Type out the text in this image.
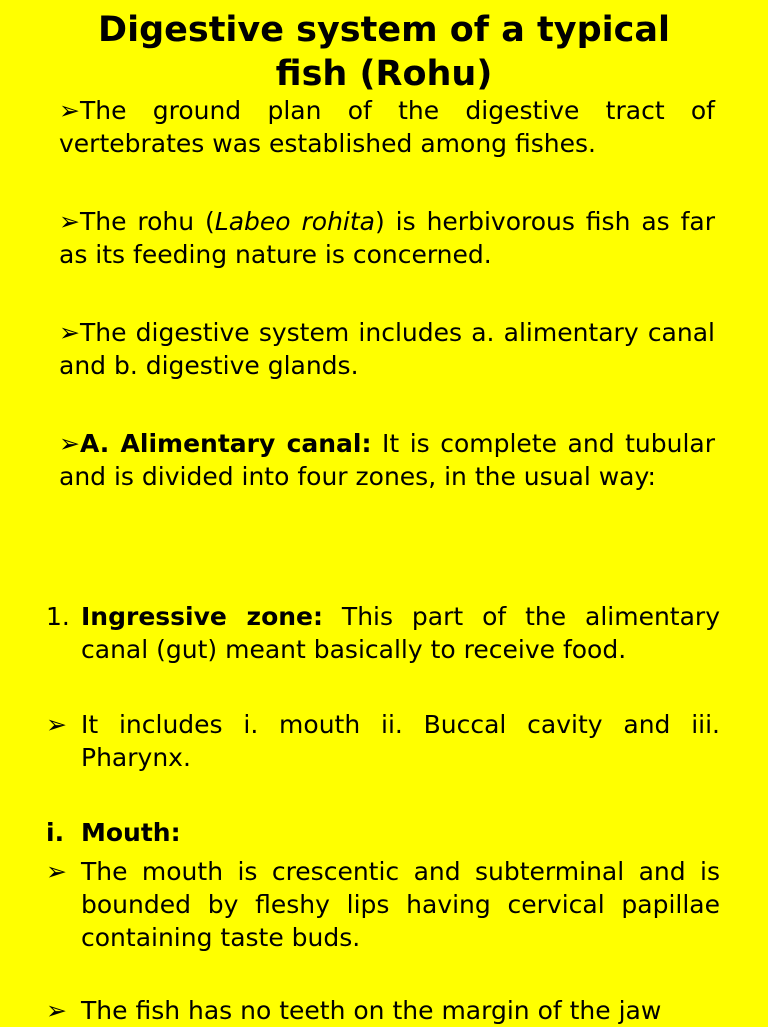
Digestive system of a typical
fish (Rohu)

➢The ground plan of the digestive tract of vertebrates was established among fishes.

➢The rohu (Labeo rohita) is herbivorous fish as far as its feeding nature is concerned.

➢The digestive system includes a. alimentary canal and b. digestive glands.

➢A. Alimentary canal: It is complete and tubular and is divided into four zones, in the usual way:

1. Ingressive zone: This part of the alimentary canal (gut) meant basically to receive food.
➢ It includes i. mouth ii. Buccal cavity and iii. Pharynx.
i. Mouth:
➢ The mouth is crescentic and subterminal and is bounded by fleshy lips having cervical papillae containing taste buds.
➢ The fish has no teeth on the margin of the jaw
